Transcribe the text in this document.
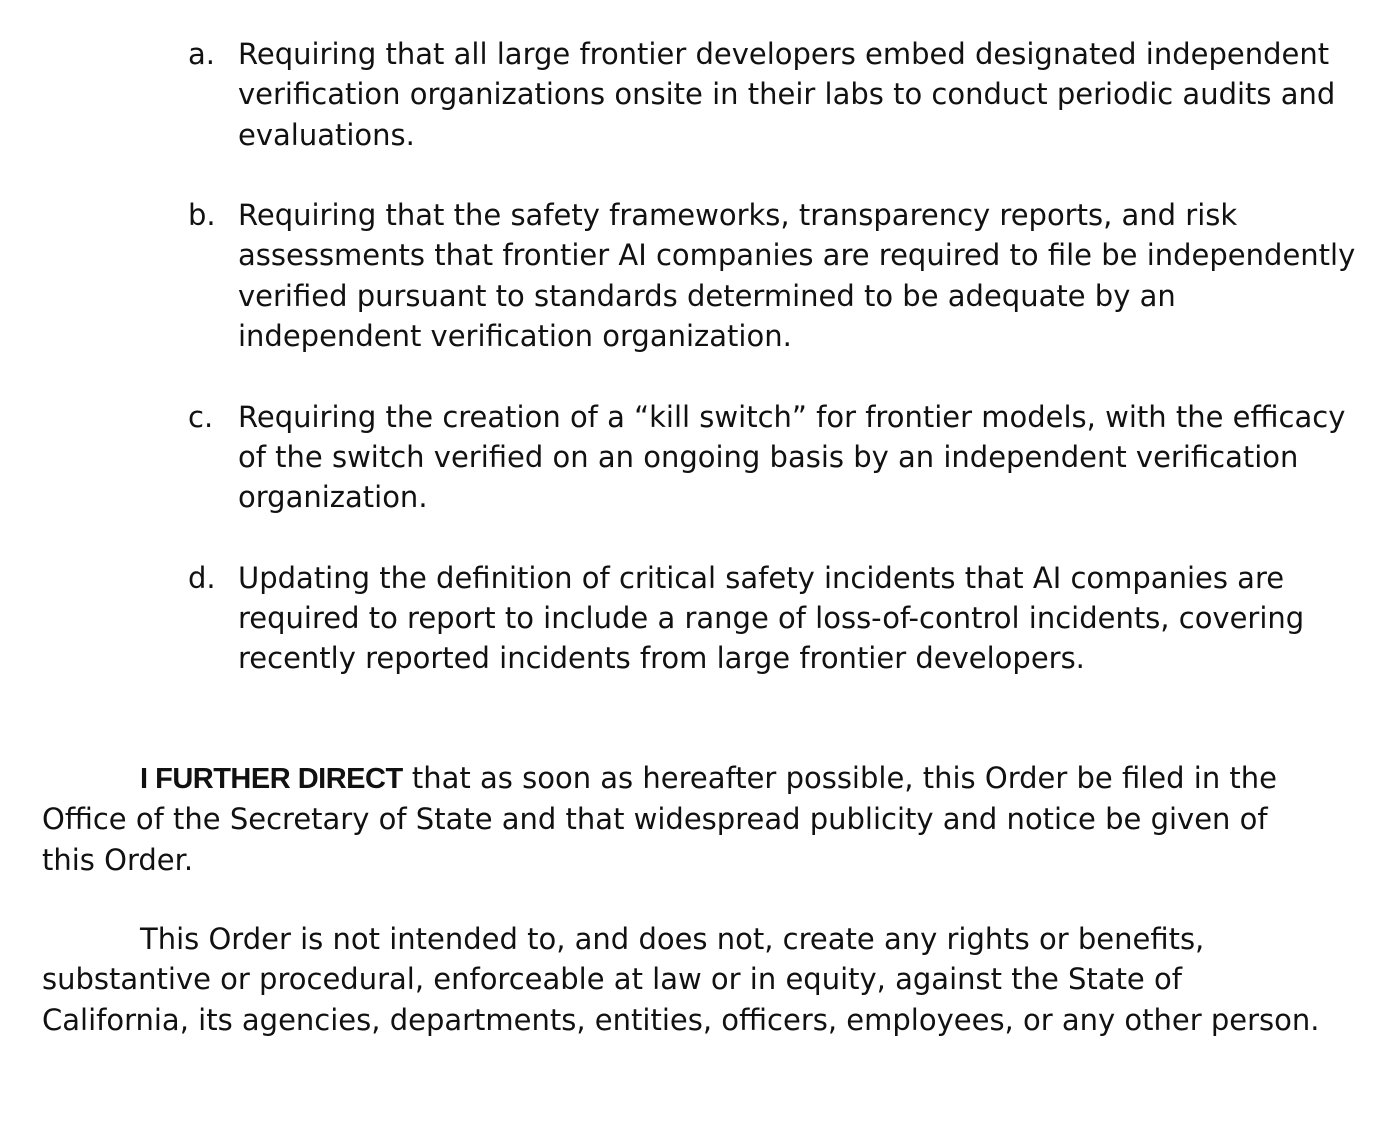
a. Requiring that all large frontier developers embed designated independent verification organizations onsite in their labs to conduct periodic audits and evaluations.
b. Requiring that the safety frameworks, transparency reports, and risk assessments that frontier AI companies are required to file be independently verified pursuant to standards determined to be adequate by an independent verification organization.
c. Requiring the creation of a “kill switch” for frontier models, with the efficacy of the switch verified on an ongoing basis by an independent verification organization.
d. Updating the definition of critical safety incidents that AI companies are required to report to include a range of loss-of-control incidents, covering recently reported incidents from large frontier developers.

I FURTHER DIRECT that as soon as hereafter possible, this Order be filed in the Office of the Secretary of State and that widespread publicity and notice be given of this Order.

This Order is not intended to, and does not, create any rights or benefits, substantive or procedural, enforceable at law or in equity, against the State of California, its agencies, departments, entities, officers, employees, or any other person.
